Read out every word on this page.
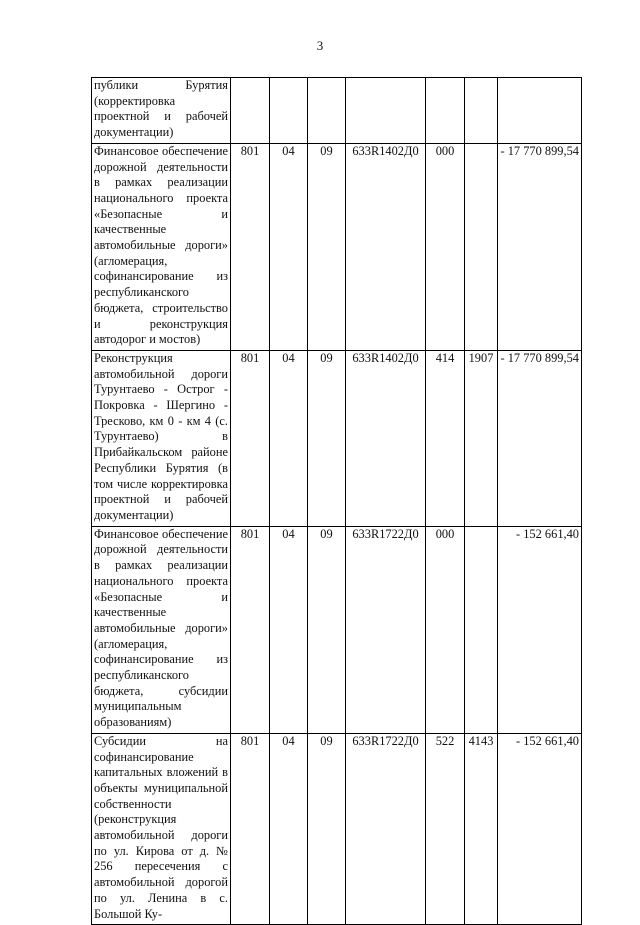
3
публики Бурятия (корректировка проектной и рабочей документации)							
Финансовое обеспечение дорожной деятельности в рамках реализации национального проекта «Безопасные и качественные автомобильные дороги» (агломерация, софинансирование из республиканского бюджета, строительство и реконструкция автодорог и мостов)	801	04	09	633R1402Д0	000		- 17 770 899,54
Реконструкция автомобильной дороги Турунтаево - Острог - Покровка - Шергино - Тресково, км 0 - км 4 (с. Турунтаево) в Прибайкальском районе Республики Бурятия (в том числе корректировка проектной и рабочей документации)	801	04	09	633R1402Д0	414	1907	- 17 770 899,54
Финансовое обеспечение дорожной деятельности в рамках реализации национального проекта «Безопасные и качественные автомобильные дороги» (агломерация, софинансирование из республиканского бюджета, субсидии муниципальным образованиям)	801	04	09	633R1722Д0	000		- 152 661,40
Субсидии на софинансирование капитальных вложений в объекты муниципальной собственности (реконструкция автомобильной дороги по ул. Кирова от д. № 256 пересечения с автомобильной дорогой по ул. Ленина в с. Большой Ку-	801	04	09	633R1722Д0	522	4143	- 152 661,40
